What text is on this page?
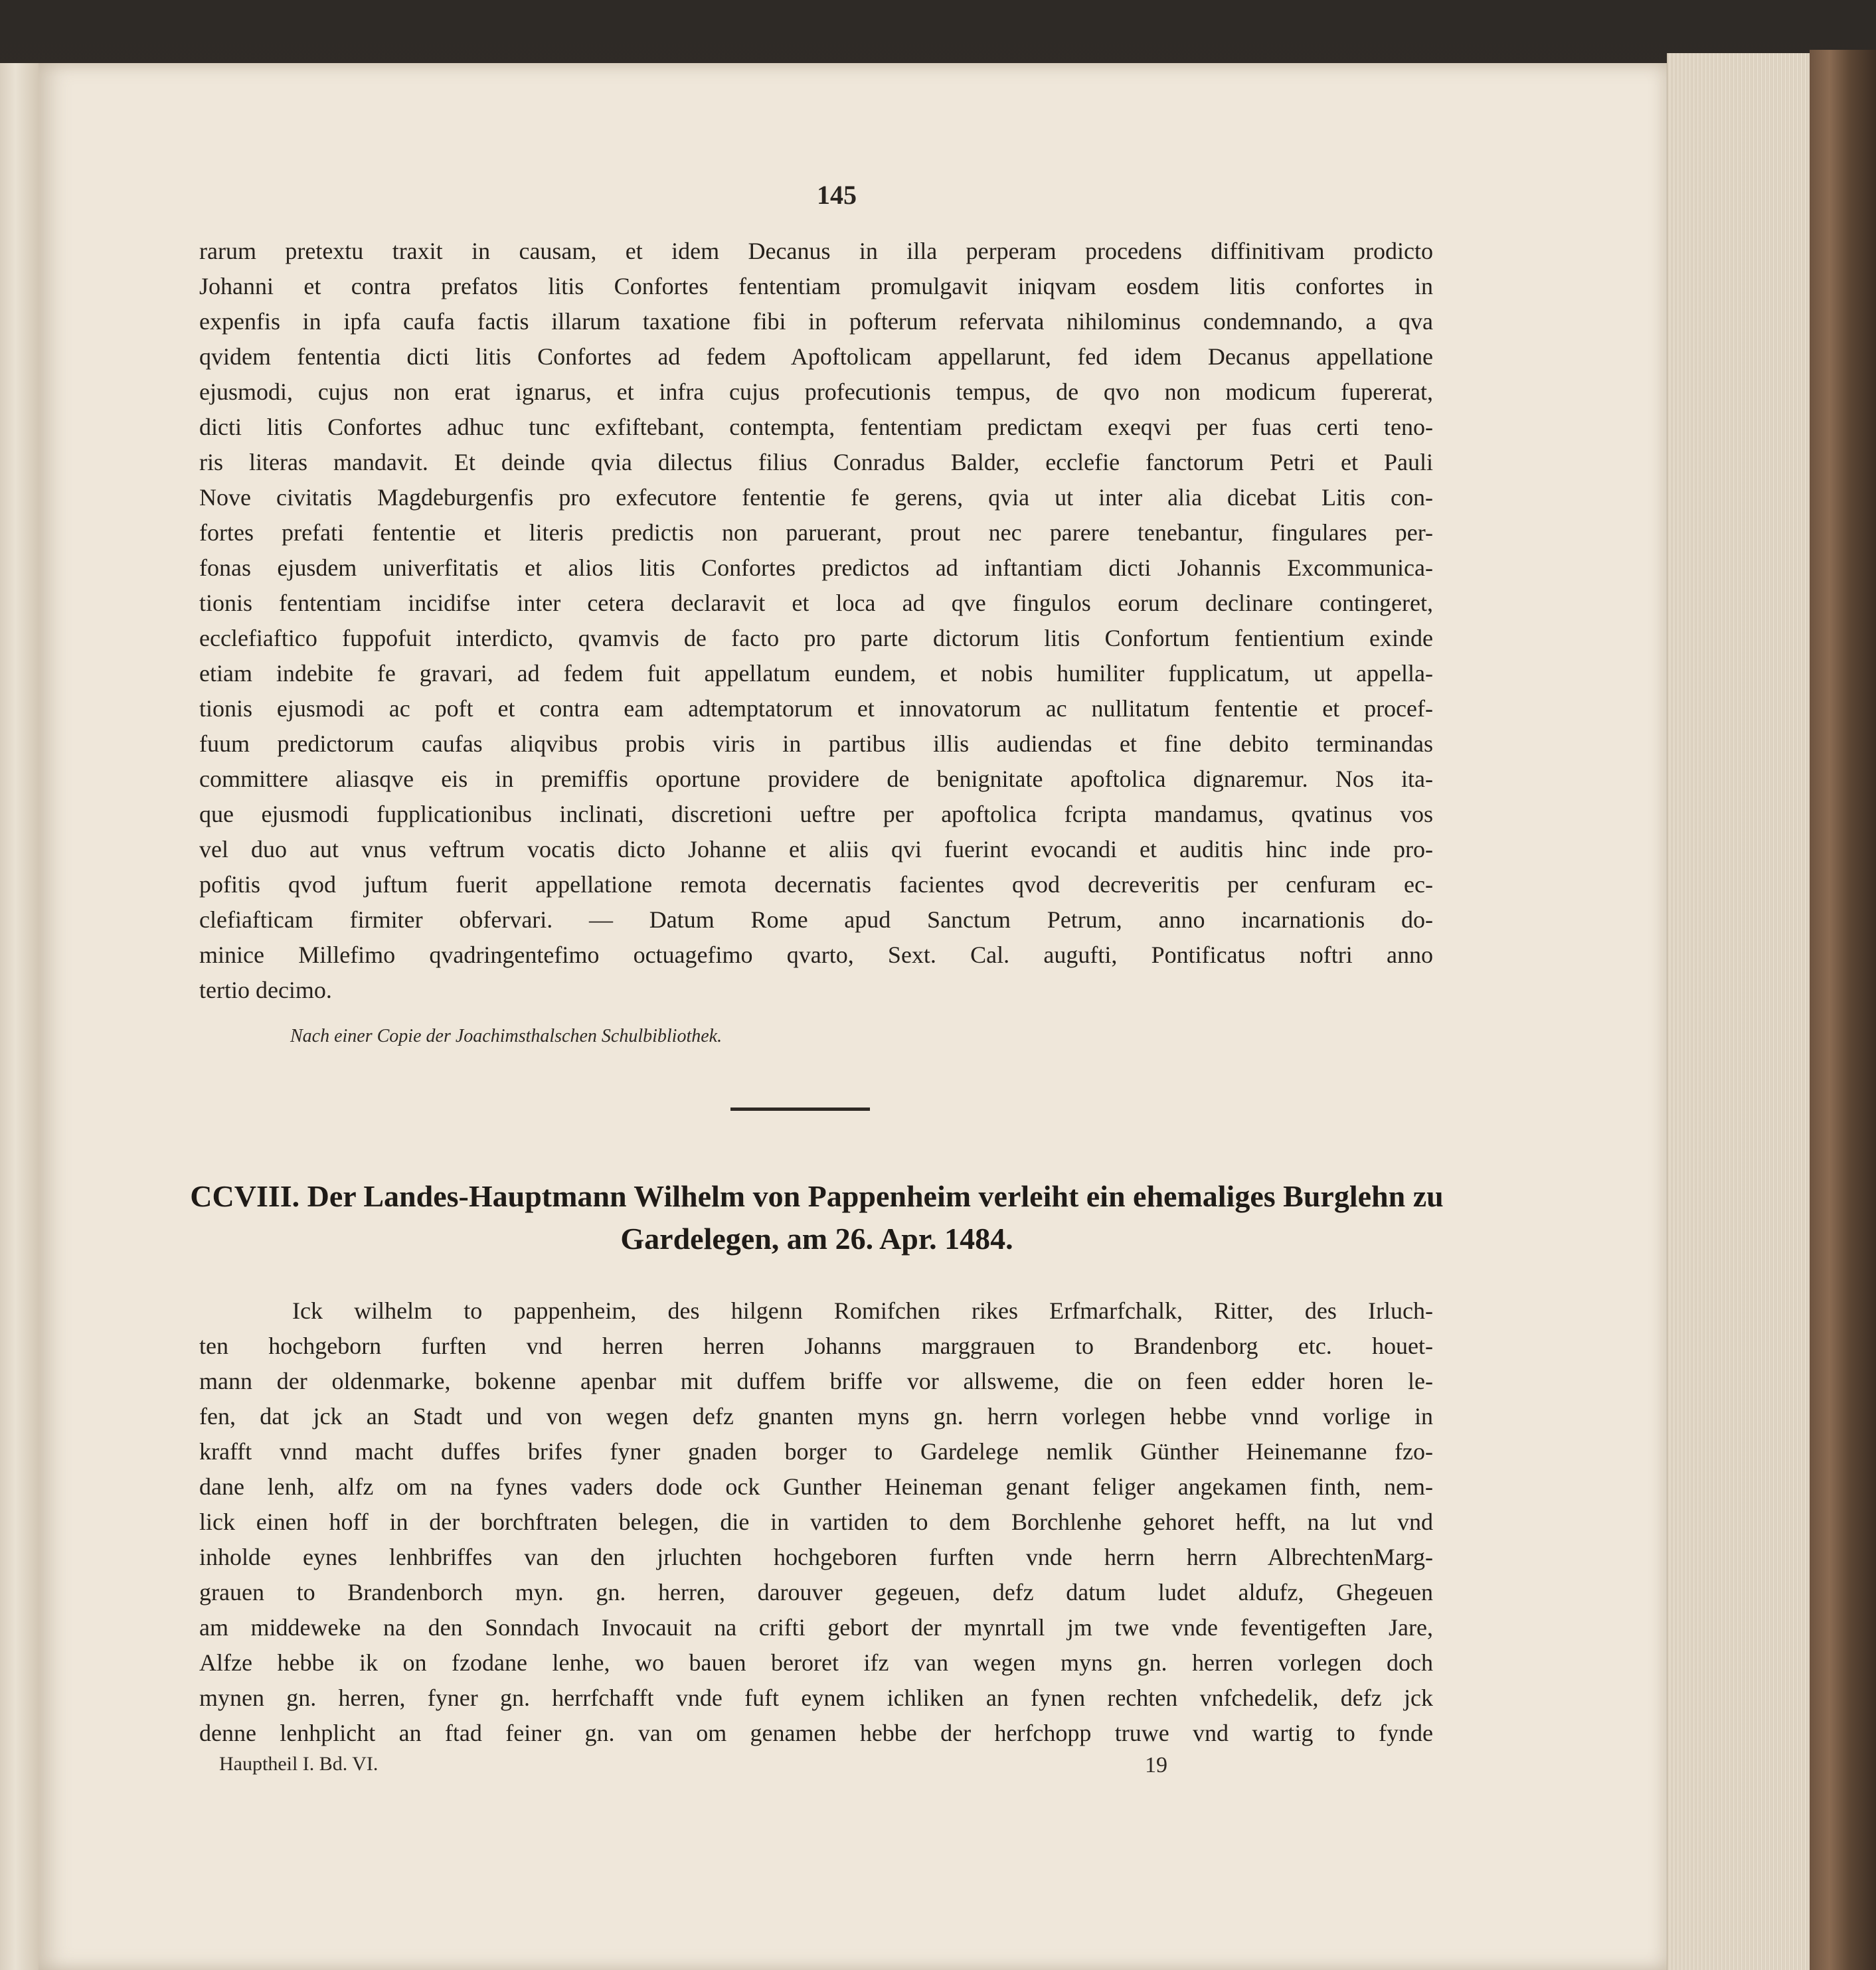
145
rarum pretextu traxit in causam, et idem Decanus in illa perperam procedens diffinitivam prodicto
Johanni et contra prefatos litis Confortes fententiam promulgavit iniqvam eosdem litis confortes in
expenfis in ipfa caufa factis illarum taxatione fibi in pofterum refervata nihilominus condemnando, a qva
qvidem fententia dicti litis Confortes ad fedem Apoftolicam appellarunt, fed idem Decanus appellatione
ejusmodi, cujus non erat ignarus, et infra cujus profecutionis tempus, de qvo non modicum fupererat,
dicti litis Confortes adhuc tunc exfiftebant, contempta, fententiam predictam exeqvi per fuas certi teno-
ris literas mandavit. Et deinde qvia dilectus filius Conradus Balder, ecclefie fanctorum Petri et Pauli
Nove civitatis Magdeburgenfis pro exfecutore fententie fe gerens, qvia ut inter alia dicebat Litis con-
fortes prefati fententie et literis predictis non paruerant, prout nec parere tenebantur, fingulares per-
fonas ejusdem univerfitatis et alios litis Confortes predictos ad inftantiam dicti Johannis Excommunica-
tionis fententiam incidifse inter cetera declaravit et loca ad qve fingulos eorum declinare contingeret,
ecclefiaftico fuppofuit interdicto, qvamvis de facto pro parte dictorum litis Confortum fentientium exinde
etiam indebite fe gravari, ad fedem fuit appellatum eundem, et nobis humiliter fupplicatum, ut appella-
tionis ejusmodi ac poft et contra eam adtemptatorum et innovatorum ac nullitatum fententie et procef-
fuum predictorum caufas aliqvibus probis viris in partibus illis audiendas et fine debito terminandas
committere aliasqve eis in premiffis oportune providere de benignitate apoftolica dignaremur. Nos ita-
que ejusmodi fupplicationibus inclinati, discretioni ueftre per apoftolica fcripta mandamus, qvatinus vos
vel duo aut vnus veftrum vocatis dicto Johanne et aliis qvi fuerint evocandi et auditis hinc inde pro-
pofitis qvod juftum fuerit appellatione remota decernatis facientes qvod decreveritis per cenfuram ec-
clefiafticam firmiter obfervari. — Datum Rome apud Sanctum Petrum, anno incarnationis do-
minice Millefimo qvadringentefimo octuagefimo qvarto, Sext. Cal. augufti, Pontificatus noftri anno
tertio decimo.
Nach einer Copie der Joachimsthalschen Schulbibliothek.
CCVIII. Der Landes-Hauptmann Wilhelm von Pappenheim verleiht ein ehemaliges Burglehn zu
Gardelegen, am 26. Apr. 1484.
Ick wilhelm to pappenheim, des hilgenn Romifchen rikes Erfmarfchalk, Ritter, des Irluch-
ten hochgeborn furften vnd herren herren Johanns marggrauen to Brandenborg etc. houet-
mann der oldenmarke, bokenne apenbar mit duffem briffe vor allsweme, die on feen edder horen le-
fen, dat jck an Stadt und von wegen defz gnanten myns gn. herrn vorlegen hebbe vnnd vorlige in
krafft vnnd macht duffes brifes fyner gnaden borger to Gardelege nemlik Günther Heinemanne fzo-
dane lenh, alfz om na fynes vaders dode ock Gunther Heineman genant feliger angekamen finth, nem-
lick einen hoff in der borchftraten belegen, die in vartiden to dem Borchlenhe gehoret hefft, na lut vnd
inholde eynes lenhbriffes van den jrluchten hochgeboren furften vnde herrn herrn AlbrechtenMarg-
grauen to Brandenborch myn. gn. herren, darouver gegeuen, defz datum ludet aldufz, Ghegeuen
am middeweke na den Sonndach Invocauit na crifti gebort der mynrtall jm twe vnde feventigeften Jare,
Alfze hebbe ik on fzodane lenhe, wo bauen beroret ifz van wegen myns gn. herren vorlegen doch
mynen gn. herren, fyner gn. herrfchafft vnde fuft eynem ichliken an fynen rechten vnfchedelik, defz jck
denne lenhplicht an ftad feiner gn. van om genamen hebbe der herfchopp truwe vnd wartig to fynde
Hauptheil I. Bd. VI.	19
